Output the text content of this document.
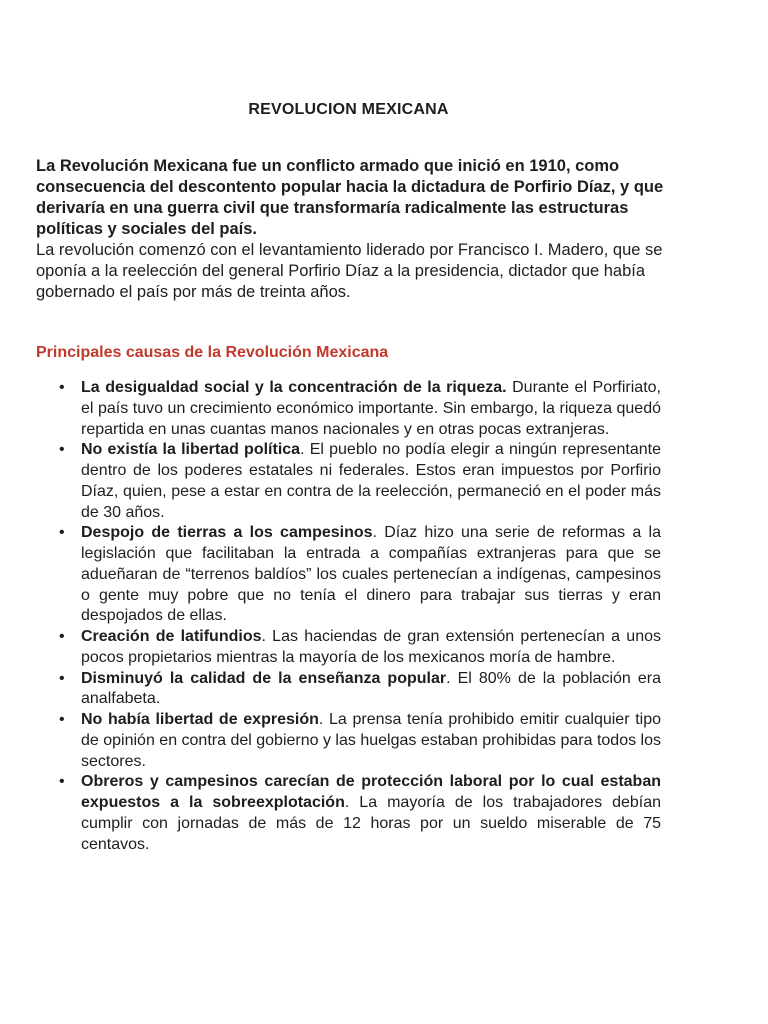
REVOLUCION MEXICANA

La Revolución Mexicana fue un conflicto armado que inició en 1910, como consecuencia del descontento popular hacia la dictadura de Porfirio Díaz, y que derivaría en una guerra civil que transformaría radicalmente las estructuras políticas y sociales del país.

La revolución comenzó con el levantamiento liderado por Francisco I. Madero, que se oponía a la reelección del general Porfirio Díaz a la presidencia, dictador que había gobernado el país por más de treinta años.

Principales causas de la Revolución Mexicana
• La desigualdad social y la concentración de la riqueza. Durante el Porfiriato, el país tuvo un crecimiento económico importante. Sin embargo, la riqueza quedó repartida en unas cuantas manos nacionales y en otras pocas extranjeras.
• No existía la libertad política. El pueblo no podía elegir a ningún representante dentro de los poderes estatales ni federales. Estos eran impuestos por Porfirio Díaz, quien, pese a estar en contra de la reelección, permaneció en el poder más de 30 años.
• Despojo de tierras a los campesinos. Díaz hizo una serie de reformas a la legislación que facilitaban la entrada a compañías extranjeras para que se adueñaran de “terrenos baldíos” los cuales pertenecían a indígenas, campesinos o gente muy pobre que no tenía el dinero para trabajar sus tierras y eran despojados de ellas.
• Creación de latifundios. Las haciendas de gran extensión pertenecían a unos pocos propietarios mientras la mayoría de los mexicanos moría de hambre.
• Disminuyó la calidad de la enseñanza popular. El 80% de la población era analfabeta.
• No había libertad de expresión. La prensa tenía prohibido emitir cualquier tipo de opinión en contra del gobierno y las huelgas estaban prohibidas para todos los sectores.
• Obreros y campesinos carecían de protección laboral por lo cual estaban expuestos a la sobreexplotación. La mayoría de los trabajadores debían cumplir con jornadas de más de 12 horas por un sueldo miserable de 75 centavos.
